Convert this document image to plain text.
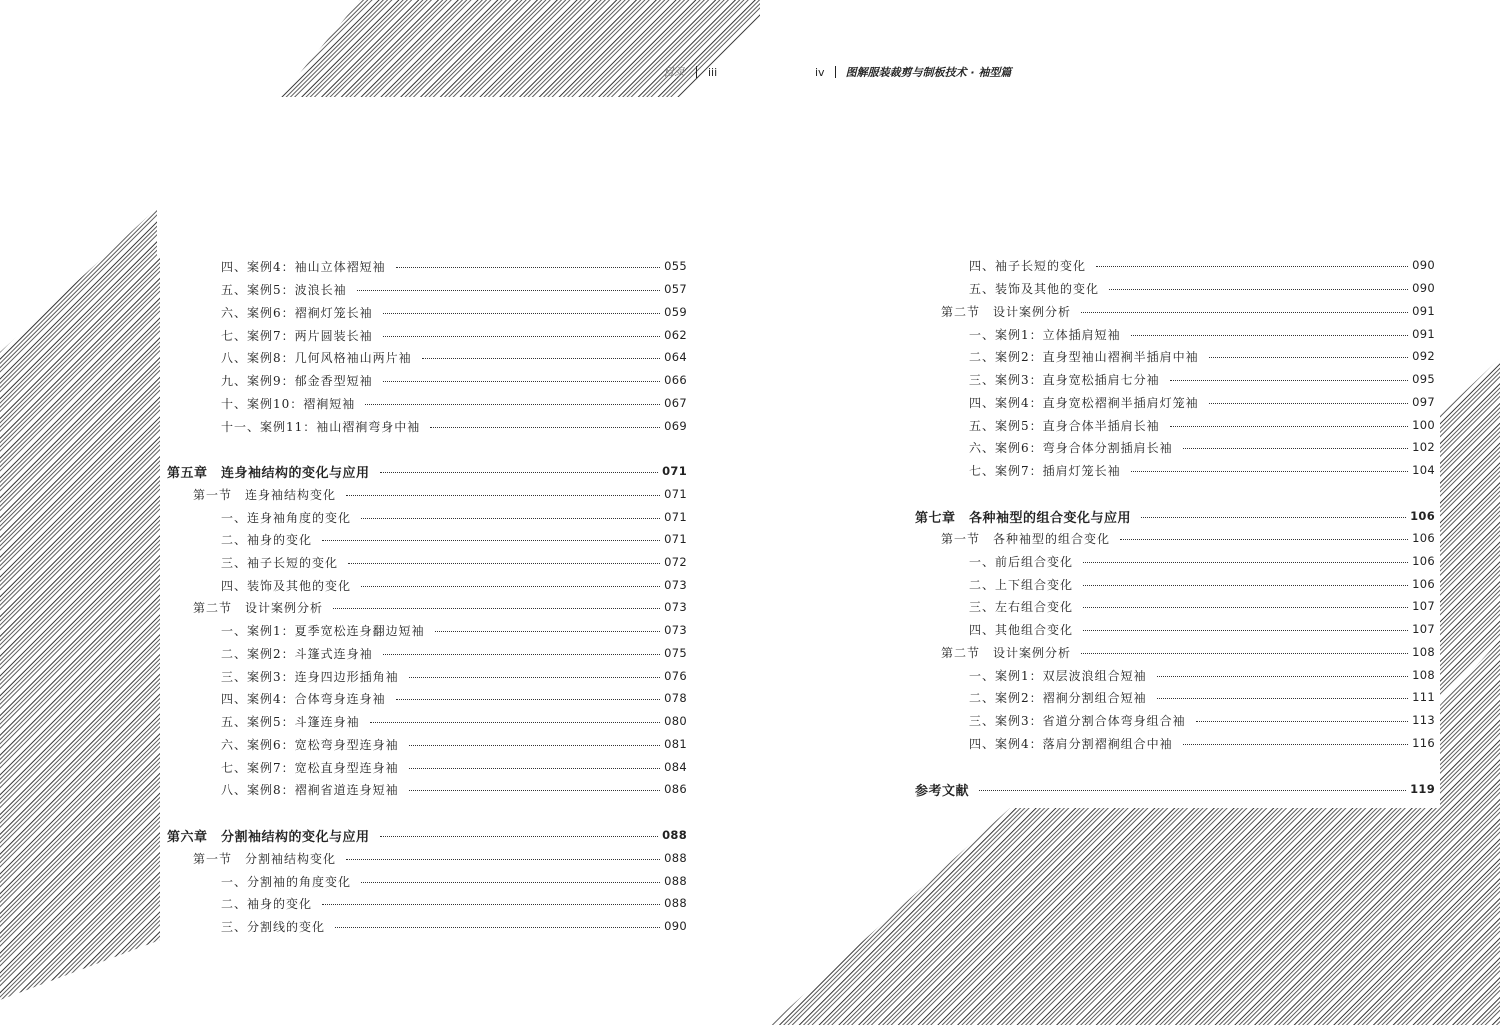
目录 iii	iv 图解服装裁剪与制板技术 · 袖型篇
四、案例4：袖山立体褶短袖	055
五、案例5：波浪长袖	057
六、案例6：褶裥灯笼长袖	059
七、案例7：两片圆装长袖	062
八、案例8：几何风格袖山两片袖	064
九、案例9：郁金香型短袖	066
十、案例10：褶裥短袖	067
十一、案例11：袖山褶裥弯身中袖	069
第五章　连身袖结构的变化与应用	071
第一节　连身袖结构变化	071
一、连身袖角度的变化	071
二、袖身的变化	071
三、袖子长短的变化	072
四、装饰及其他的变化	073
第二节　设计案例分析	073
一、案例1：夏季宽松连身翻边短袖	073
二、案例2：斗篷式连身袖	075
三、案例3：连身四边形插角袖	076
四、案例4：合体弯身连身袖	078
五、案例5：斗篷连身袖	080
六、案例6：宽松弯身型连身袖	081
七、案例7：宽松直身型连身袖	084
八、案例8：褶裥省道连身短袖	086
第六章　分割袖结构的变化与应用	088
第一节　分割袖结构变化	088
一、分割袖的角度变化	088
二、袖身的变化	088
三、分割线的变化	090
四、袖子长短的变化	090
五、装饰及其他的变化	090
第二节　设计案例分析	091
一、案例1：立体插肩短袖	091
二、案例2：直身型袖山褶裥半插肩中袖	092
三、案例3：直身宽松插肩七分袖	095
四、案例4：直身宽松褶裥半插肩灯笼袖	097
五、案例5：直身合体半插肩长袖	100
六、案例6：弯身合体分割插肩长袖	102
七、案例7：插肩灯笼长袖	104
第七章　各种袖型的组合变化与应用	106
第一节　各种袖型的组合变化	106
一、前后组合变化	106
二、上下组合变化	106
三、左右组合变化	107
四、其他组合变化	107
第二节　设计案例分析	108
一、案例1：双层波浪组合短袖	108
二、案例2：褶裥分割组合短袖	111
三、案例3：省道分割合体弯身组合袖	113
四、案例4：落肩分割褶裥组合中袖	116
参考文献	119
